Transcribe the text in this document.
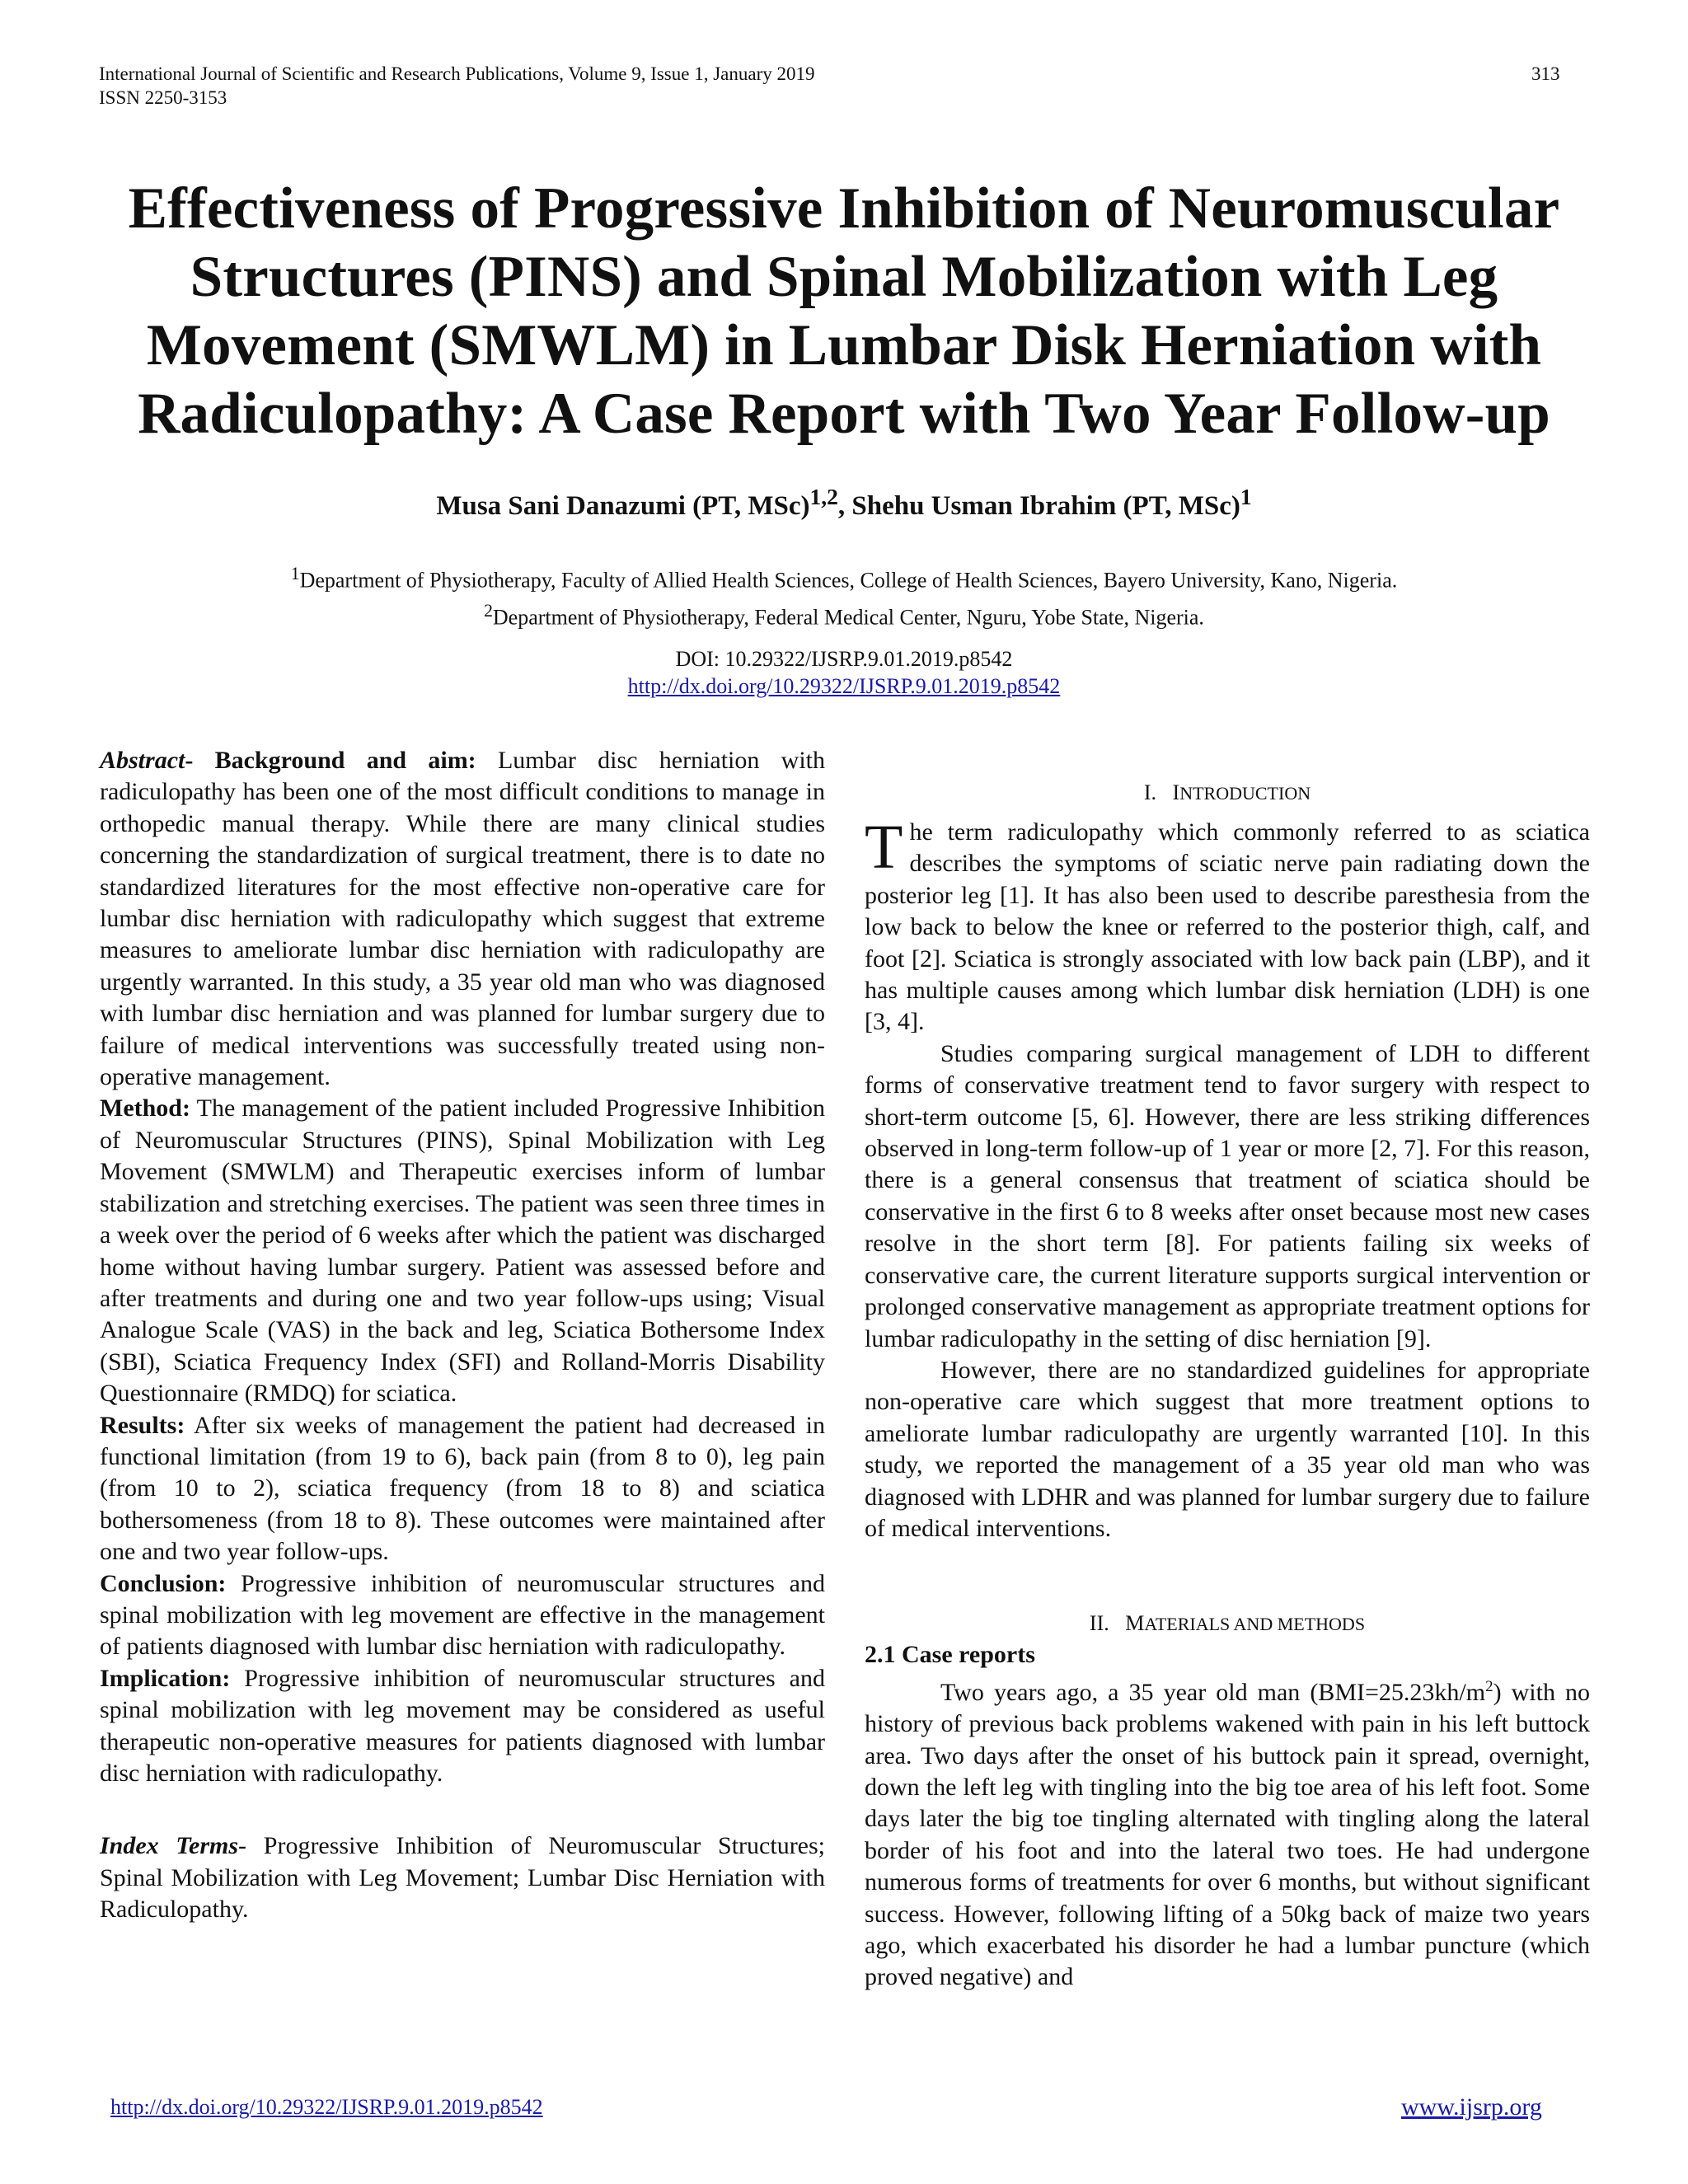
International Journal of Scientific and Research Publications, Volume 9, Issue 1, January 2019
ISSN 2250-3153
313
Effectiveness of Progressive Inhibition of Neuromuscular
Structures (PINS) and Spinal Mobilization with Leg
Movement (SMWLM) in Lumbar Disk Herniation with
Radiculopathy: A Case Report with Two Year Follow-up
Musa Sani Danazumi (PT, MSc)$^{1,2}$, Shehu Usman Ibrahim (PT, MSc)$^1$
$^1$Department of Physiotherapy, Faculty of Allied Health Sciences, College of Health Sciences, Bayero University, Kano, Nigeria.
$^2$Department of Physiotherapy, Federal Medical Center, Nguru, Yobe State, Nigeria.
DOI: 10.29322/IJSRP.9.01.2019.p8542
http://dx.doi.org/10.29322/IJSRP.9.01.2019.p8542

Abstract- Background and aim: Lumbar disc herniation with radiculopathy has been one of the most difficult conditions to manage in orthopedic manual therapy. While there are many clinical studies concerning the standardization of surgical treatment, there is to date no standardized literatures for the most effective non-operative care for lumbar disc herniation with radiculopathy which suggest that extreme measures to ameliorate lumbar disc herniation with radiculopathy are urgently warranted. In this study, a 35 year old man who was diagnosed with lumbar disc herniation and was planned for lumbar surgery due to failure of medical interventions was successfully treated using non-operative management.

Method: The management of the patient included Progressive Inhibition of Neuromuscular Structures (PINS), Spinal Mobilization with Leg Movement (SMWLM) and Therapeutic exercises inform of lumbar stabilization and stretching exercises. The patient was seen three times in a week over the period of 6 weeks after which the patient was discharged home without having lumbar surgery. Patient was assessed before and after treatments and during one and two year follow-ups using; Visual Analogue Scale (VAS) in the back and leg, Sciatica Bothersome Index (SBI), Sciatica Frequency Index (SFI) and Rolland-Morris Disability Questionnaire (RMDQ) for sciatica.

Results: After six weeks of management the patient had decreased in functional limitation (from 19 to 6), back pain (from 8 to 0), leg pain (from 10 to 2), sciatica frequency (from 18 to 8) and sciatica bothersomeness (from 18 to 8). These outcomes were maintained after one and two year follow-ups.

Conclusion: Progressive inhibition of neuromuscular structures and spinal mobilization with leg movement are effective in the management of patients diagnosed with lumbar disc herniation with radiculopathy.

Implication: Progressive inhibition of neuromuscular structures and spinal mobilization with leg movement may be considered as useful therapeutic non-operative measures for patients diagnosed with lumbar disc herniation with radiculopathy.

Index Terms- Progressive Inhibition of Neuromuscular Structures; Spinal Mobilization with Leg Movement; Lumbar Disc Herniation with Radiculopathy.

I. INTRODUCTION

The term radiculopathy which commonly referred to as sciatica describes the symptoms of sciatic nerve pain radiating down the posterior leg [1]. It has also been used to describe paresthesia from the low back to below the knee or referred to the posterior thigh, calf, and foot [2]. Sciatica is strongly associated with low back pain (LBP), and it has multiple causes among which lumbar disk herniation (LDH) is one [3, 4].

Studies comparing surgical management of LDH to different forms of conservative treatment tend to favor surgery with respect to short-term outcome [5, 6]. However, there are less striking differences observed in long-term follow-up of 1 year or more [2, 7]. For this reason, there is a general consensus that treatment of sciatica should be conservative in the first 6 to 8 weeks after onset because most new cases resolve in the short term [8]. For patients failing six weeks of conservative care, the current literature supports surgical intervention or prolonged conservative management as appropriate treatment options for lumbar radiculopathy in the setting of disc herniation [9].

However, there are no standardized guidelines for appropriate non-operative care which suggest that more treatment options to ameliorate lumbar radiculopathy are urgently warranted [10]. In this study, we reported the management of a 35 year old man who was diagnosed with LDHR and was planned for lumbar surgery due to failure of medical interventions.

II. MATERIALS AND METHODS

2.1 Case reports

Two years ago, a 35 year old man $(BMI=25.23kh/m^2)$ with no history of previous back problems wakened with pain in his left buttock area. Two days after the onset of his buttock pain it spread, overnight, down the left leg with tingling into the big toe area of his left foot. Some days later the big toe tingling alternated with tingling along the lateral border of his foot and into the lateral two toes. He had undergone numerous forms of treatments for over 6 months, but without significant success. However, following lifting of a 50kg back of maize two years ago, which exacerbated his disorder he had a lumbar puncture (which proved negative) and

http://dx.doi.org/10.29322/IJSRP.9.01.2019.p8542	www.ijsrp.org
